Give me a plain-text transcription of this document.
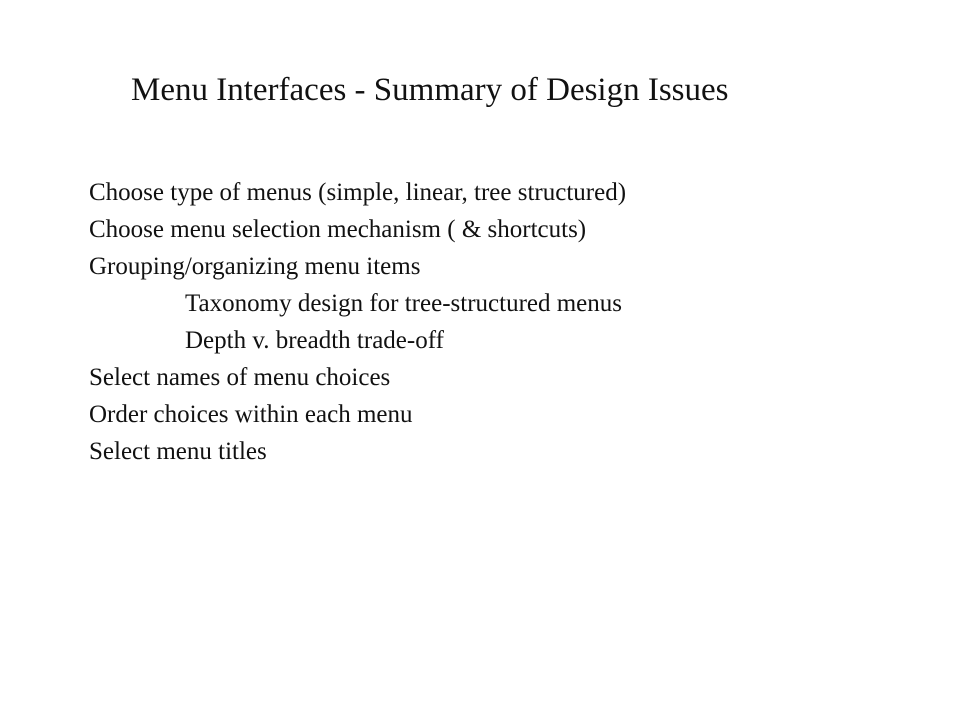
Menu Interfaces - Summary of Design Issues
Choose type of menus (simple, linear, tree structured)
Choose menu selection mechanism ( & shortcuts)
Grouping/organizing menu items
Taxonomy design for tree-structured menus
Depth v. breadth trade-off
Select names of menu choices
Order choices within each menu
Select menu titles
